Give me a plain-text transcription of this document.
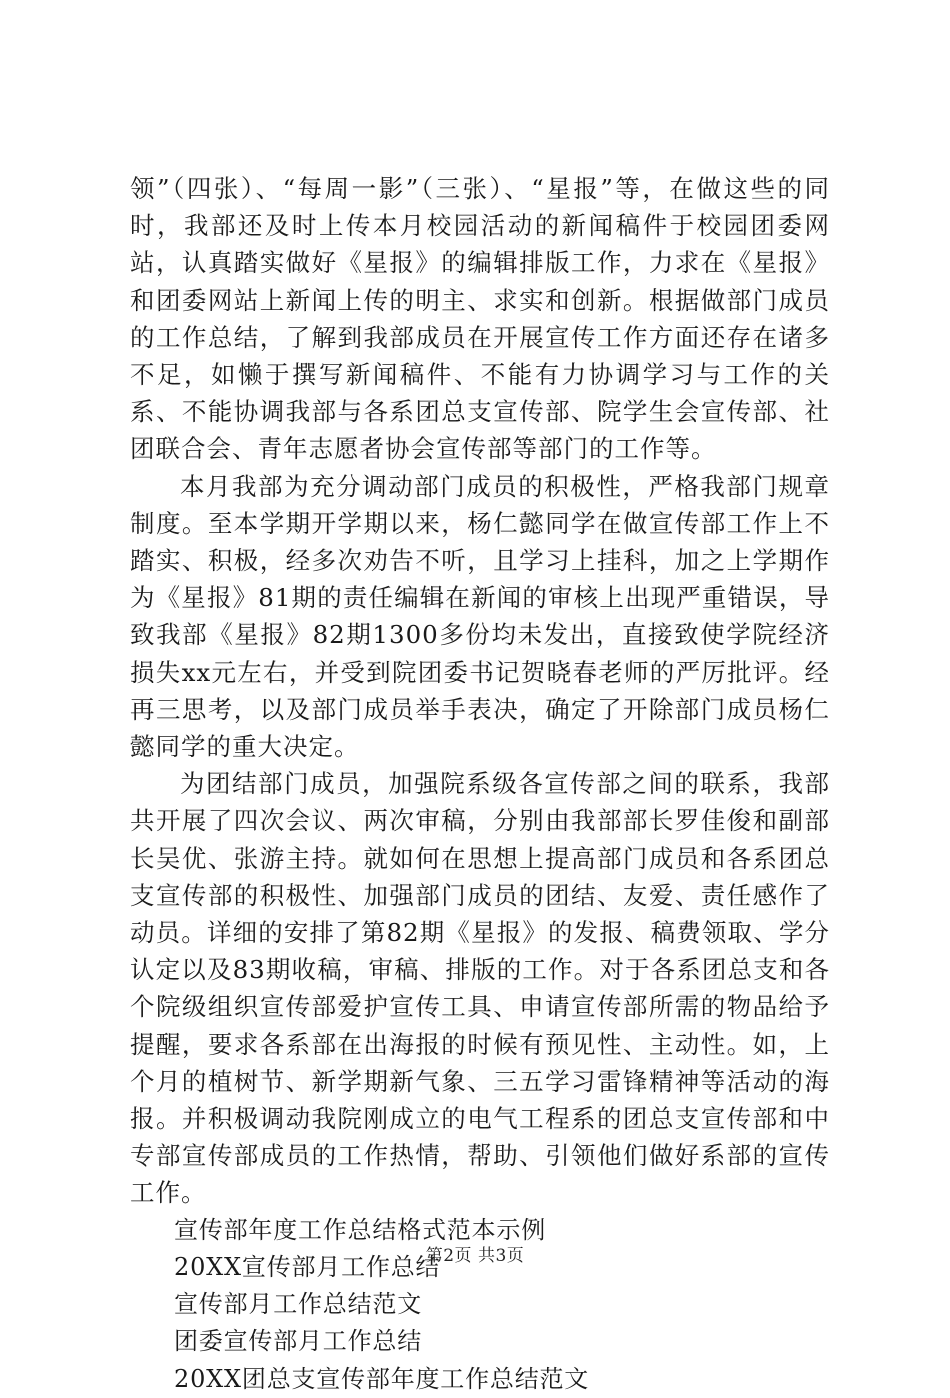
领”（四张）、“每周一影”（三张）、“星报”等，在做这些的同时，我部还及时上传本月校园活动的新闻稿件于校园团委网站，认真踏实做好《星报》的编辑排版工作，力求在《星报》和团委网站上新闻上传的明主、求实和创新。根据做部门成员的工作总结，了解到我部成员在开展宣传工作方面还存在诸多不足，如懒于撰写新闻稿件、不能有力协调学习与工作的关系、不能协调我部与各系团总支宣传部、院学生会宣传部、社团联合会、青年志愿者协会宣传部等部门的工作等。

本月我部为充分调动部门成员的积极性，严格我部门规章制度。至本学期开学期以来，杨仁懿同学在做宣传部工作上不踏实、积极，经多次劝告不听，且学习上挂科，加之上学期作为《星报》81期的责任编辑在新闻的审核上出现严重错误，导致我部《星报》82期1300多份均未发出，直接致使学院经济损失xx元左右，并受到院团委书记贺晓春老师的严厉批评。经再三思考，以及部门成员举手表决，确定了开除部门成员杨仁懿同学的重大决定。

为团结部门成员，加强院系级各宣传部之间的联系，我部共开展了四次会议、两次审稿，分别由我部部长罗佳俊和副部长吴优、张游主持。就如何在思想上提高部门成员和各系团总支宣传部的积极性、加强部门成员的团结、友爱、责任感作了动员。详细的安排了第82期《星报》的发报、稿费领取、学分认定以及83期收稿，审稿、排版的工作。对于各系团总支和各个院级组织宣传部爱护宣传工具、申请宣传部所需的物品给予提醒，要求各系部在出海报的时候有预见性、主动性。如，上个月的植树节、新学期新气象、三五学习雷锋精神等活动的海报。并积极调动我院刚成立的电气工程系的团总支宣传部和中专部宣传部成员的工作热情，帮助、引领他们做好系部的宣传工作。

宣传部年度工作总结格式范本示例
20XX宣传部月工作总结
宣传部月工作总结范文
团委宣传部月工作总结
20XX团总支宣传部年度工作总结范文
第2页 共3页
